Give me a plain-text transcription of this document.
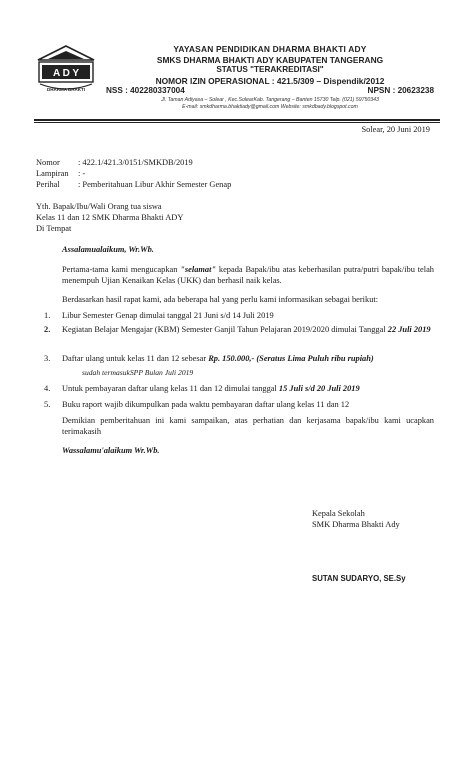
A D Y
DHARMA BHAKTI
YAYASAN PENDIDIKAN DHARMA BHAKTI ADY
SMKS DHARMA BHAKTI ADY KABUPATEN TANGERANG
STATUS "TERAKREDITASI"
NOMOR IZIN OPERASIONAL : 421.5/309 – Dispendik/2012
NSS : 402280337004	NPSN : 20623238
Jl. Taman Adiyasa – Solear , Kec.SolearKab. Tangerang – Banten 15730 Telp. (021) 59750343
E-mail: smkdharma.bhaktiady@gmail.com Website: smkdbady.blogspot.com
Solear, 20 Juni 2019
Nomor	: 422.1/421.3/0151/SMKDB/2019
Lampiran	: -
Perihal	: Pemberitahuan Libur Akhir Semester Genap
Yth. Bapak/Ibu/Wali Orang tua siswa
Kelas 11 dan 12 SMK Dharma Bhakti ADY
Di Tempat
Assalamualaikum, Wr.Wb.
Pertama-tama kami mengucapkan "selamat" kepada Bapak/ibu atas keberhasilan putra/putri bapak/ibu telah menempuh Ujian Kenaikan Kelas (UKK) dan berhasil naik kelas.
Berdasarkan hasil rapat kami, ada beberapa hal yang perlu kami informasikan sebagai berikut:
1.	Libur Semester Genap dimulai tanggal 21 Juni s/d 14 Juli 2019
2.	Kegiatan Belajar Mengajar (KBM) Semester Ganjil Tahun Pelajaran 2019/2020 dimulai Tanggal 22 Juli 2019
3.	Daftar ulang untuk kelas 11 dan 12 sebesar Rp. 150.000,- (Seratus Lima Puluh ribu rupiah)
sudah termasukSPP Bulan Juli 2019
4.	Untuk pembayaran daftar ulang kelas 11 dan 12 dimulai tanggal 15 Juli s/d 20 Juli 2019
5.	Buku raport wajib dikumpulkan pada waktu pembayaran daftar ulang kelas 11 dan 12
Demikian pemberitahuan ini kami sampaikan, atas perhatian dan kerjasama bapak/ibu kami ucapkan terimakasih
Wassalamu'alaikum Wr.Wb.
Kepala Sekolah
SMK Dharma Bhakti Ady
SUTAN SUDARYO, SE.Sy
